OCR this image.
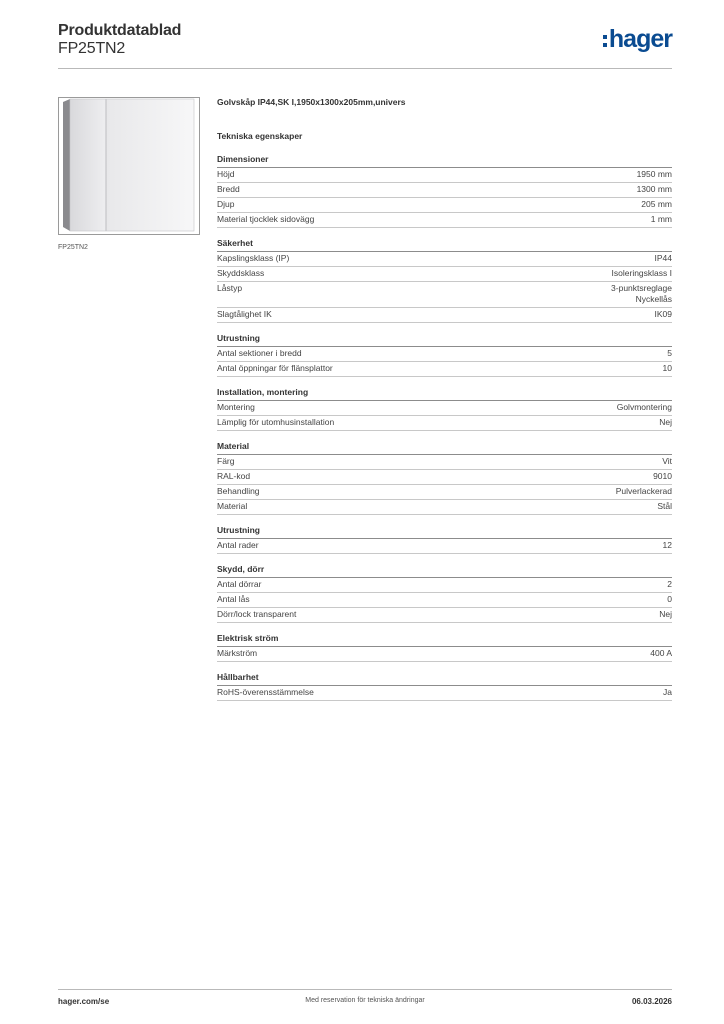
Produktdatablad
FP25TN2	hager
FP25TN2
Golvskåp IP44,SK I,1950x1300x205mm,univers
Tekniska egenskaper
Dimensioner
Höjd	1950 mm
Bredd	1300 mm
Djup	205 mm
Material tjocklek sidovägg	1 mm
Säkerhet
Kapslingsklass (IP)	IP44
Skyddsklass	Isoleringsklass I
Låstyp	3-punktsreglage
Nyckellås
Slagtålighet IK	IK09
Utrustning
Antal sektioner i bredd	5
Antal öppningar för flänsplattor	10
Installation, montering
Montering	Golvmontering
Lämplig för utomhusinstallation	Nej
Material
Färg	Vit
RAL-kod	9010
Behandling	Pulverlackerad
Material	Stål
Utrustning
Antal rader	12
Skydd, dörr
Antal dörrar	2
Antal lås	0
Dörr/lock transparent	Nej
Elektrisk ström
Märkström	400 A
Hållbarhet
RoHS-överensstämmelse	Ja
hager.com/se	Med reservation för tekniska ändringar	06.03.2026
